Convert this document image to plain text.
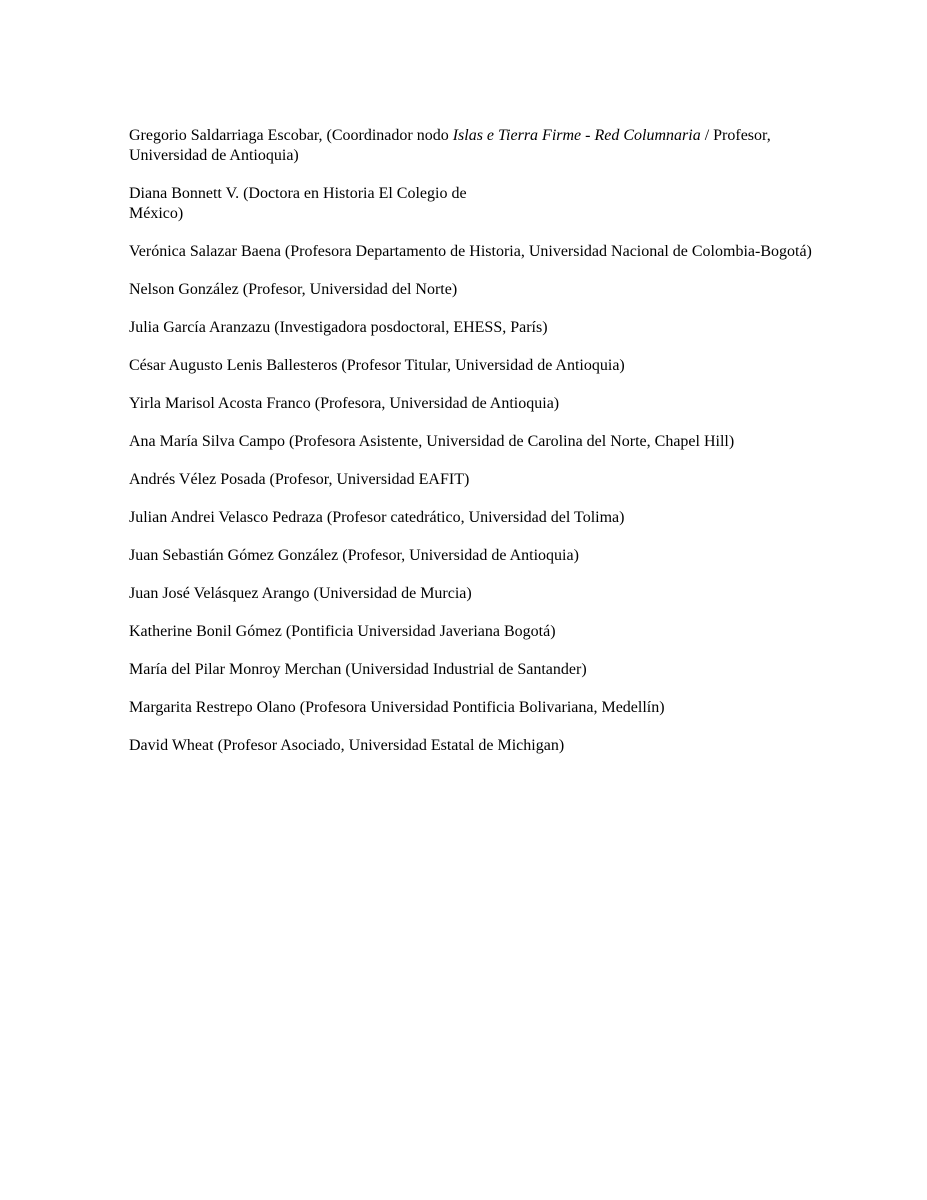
Gregorio Saldarriaga Escobar, (Coordinador nodo Islas e Tierra Firme - Red Columnaria / Profesor, Universidad de Antioquia)
Diana Bonnett V. (Doctora en Historia El Colegio de México)
Verónica Salazar Baena (Profesora Departamento de Historia, Universidad Nacional de Colombia-Bogotá)
Nelson González (Profesor, Universidad del Norte)
Julia García Aranzazu (Investigadora posdoctoral, EHESS, París)
César Augusto Lenis Ballesteros (Profesor Titular, Universidad de Antioquia)
Yirla Marisol Acosta Franco (Profesora, Universidad de Antioquia)
Ana María Silva Campo (Profesora Asistente, Universidad de Carolina del Norte, Chapel Hill)
Andrés Vélez Posada (Profesor, Universidad EAFIT)
Julian Andrei Velasco Pedraza (Profesor catedrático, Universidad del Tolima)
Juan Sebastián Gómez González (Profesor, Universidad de Antioquia)
Juan José Velásquez Arango (Universidad de Murcia)
Katherine Bonil Gómez (Pontificia Universidad Javeriana Bogotá)
María del Pilar Monroy Merchan (Universidad Industrial de Santander)
Margarita Restrepo Olano (Profesora Universidad Pontificia Bolivariana, Medellín)
David Wheat (Profesor Asociado, Universidad Estatal de Michigan)
